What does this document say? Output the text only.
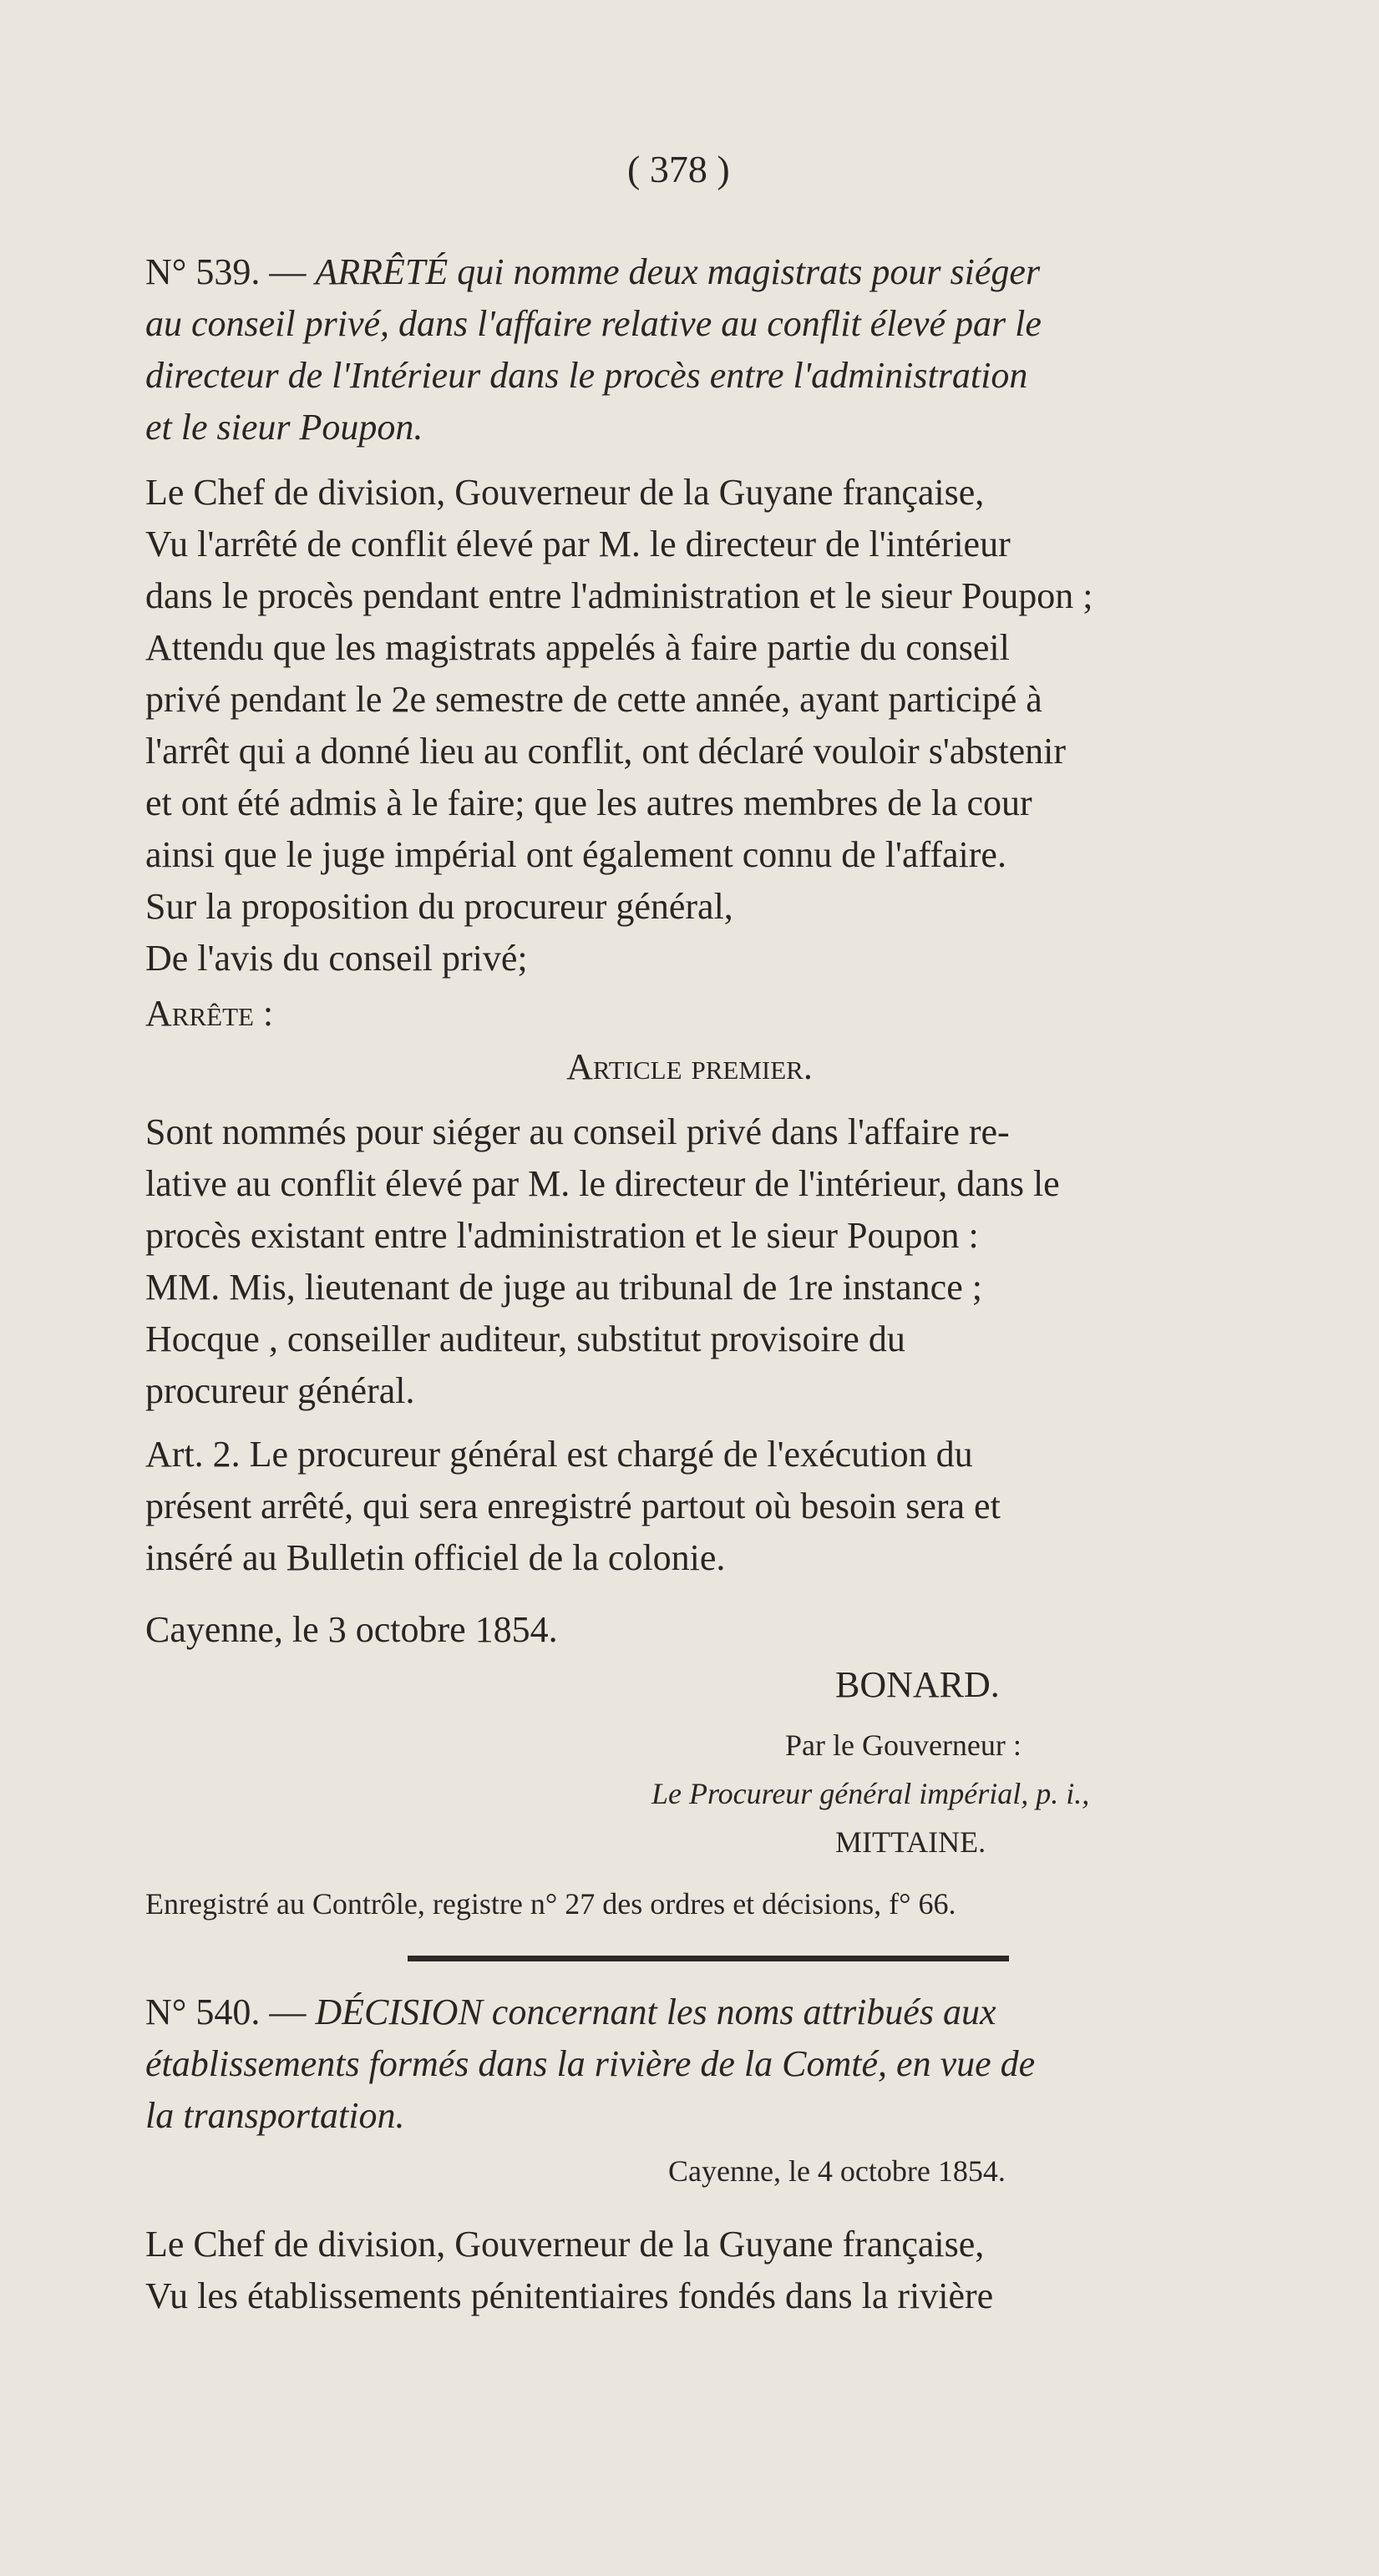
( 378 )

N° 539. — ARRÊTÉ qui nomme deux magistrats pour siéger

au conseil privé, dans l'affaire relative au conflit élevé par le

directeur de l'Intérieur dans le procès entre l'administration

et le sieur Poupon.

Le Chef de division, Gouverneur de la Guyane française,

Vu l'arrêté de conflit élevé par M. le directeur de l'intérieur

dans le procès pendant entre l'administration et le sieur Poupon ;

Attendu que les magistrats appelés à faire partie du conseil

privé pendant le 2e semestre de cette année, ayant participé à

l'arrêt qui a donné lieu au conflit, ont déclaré vouloir s'abstenir

et ont été admis à le faire; que les autres membres de la cour

ainsi que le juge impérial ont également connu de l'affaire.

Sur la proposition du procureur général,

De l'avis du conseil privé;

Arrête :

Article premier.

Sont nommés pour siéger au conseil privé dans l'affaire re-

lative au conflit élevé par M. le directeur de l'intérieur, dans le

procès existant entre l'administration et le sieur Poupon :

MM. Mis, lieutenant de juge au tribunal de 1re instance ;

Hocque , conseiller auditeur, substitut provisoire du

procureur général.

Art. 2. Le procureur général est chargé de l'exécution du

présent arrêté, qui sera enregistré partout où besoin sera et

inséré au Bulletin officiel de la colonie.

Cayenne, le 3 octobre 1854.

BONARD.

Par le Gouverneur :

Le Procureur général impérial, p. i.,

MITTAINE.

Enregistré au Contrôle, registre n° 27 des ordres et décisions, f° 66.

N° 540. — DÉCISION concernant les noms attribués aux

établissements formés dans la rivière de la Comté, en vue de

la transportation.

Cayenne, le 4 octobre 1854.

Le Chef de division, Gouverneur de la Guyane française,

Vu les établissements pénitentiaires fondés dans la rivière
